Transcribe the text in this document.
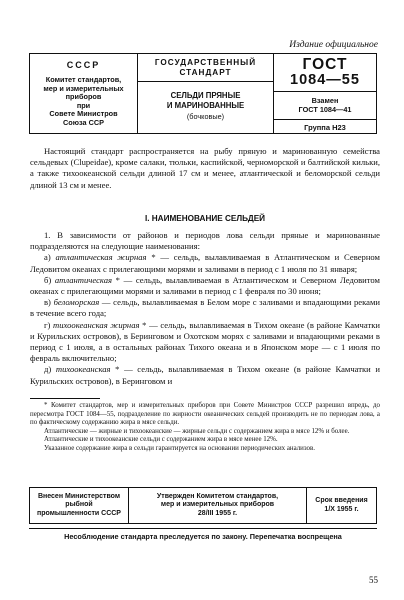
Издание официальное
СССР
Комитет стандартов,
мер и измерительных
приборов
при
Совете Министров
Союза ССР
ГОСУДАРСТВЕННЫЙ
СТАНДАРТ
СЕЛЬДИ ПРЯНЫЕ
И МАРИНОВАННЫЕ
(бочковые)
ГОСТ
1084—55
Взамен
ГОСТ 1084—41
Группа Н23

Настоящий стандарт распространяется на рыбу пряную и маринованную семейства сельдевых (Clupeidae), кроме салаки, тюльки, каспийской, черноморской и балтийской кильки, а также тихоокеанской сельди длиной 17 см и менее, атлантической и беломорской сельди длиной 13 см и менее.

I. НАИМЕНОВАНИЕ СЕЛЬДЕЙ

1. В зависимости от районов и периодов лова сельди пряные и маринованные подразделяются на следующие наименования:

а) атлантическая жирная * — сельдь, вылавливаемая в Атлантическом и Северном Ледовитом океанах с прилегающими морями и заливами в период с 1 июля по 31 января;

б) атлантическая * — сельдь, вылавливаемая в Атлантическом и Северном Ледовитом океанах с прилегающими морями и заливами в период с 1 февраля по 30 июня;

в) беломорская — сельдь, вылавливаемая в Белом море с заливами и впадающими реками в течение всего года;

г) тихоокеанская жирная * — сельдь, вылавливаемая в Тихом океане (в районе Камчатки и Курильских островов), в Беринговом и Охотском морях с заливами и впадающими реками в период с 1 июля, а в остальных районах Тихого океана и в Японском море — с 1 июля по февраль включительно;

д) тихоокеанская * — сельдь, вылавливаемая в Тихом океане (в районе Камчатки и Курильских островов), в Беринговом и

* Комитет стандартов, мер и измерительных приборов при Совете Министров СССР разрешил впредь, до пересмотра ГОСТ 1084—55, подразделение по жирности океанических сельдей производить не по периодам лова, а по фактическому содержанию жира в мясе сельди.

Атлантические — жирные и тихоокеанские — жирные сельди с содержанием жира в мясе 12% и более.

Атлантические и тихоокеанские сельди с содержанием жира в мясе менее 12%.

Указанное содержание жира в сельди гарантируется на основании периодических анализов.

Внесен Министерством
рыбной
промышленности СССР
Утвержден Комитетом стандартов,
мер и измерительных приборов
28/III 1955 г.
Срок введения
1/X 1955 г.
Несоблюдение стандарта преследуется по закону. Перепечатка воспрещена
55
